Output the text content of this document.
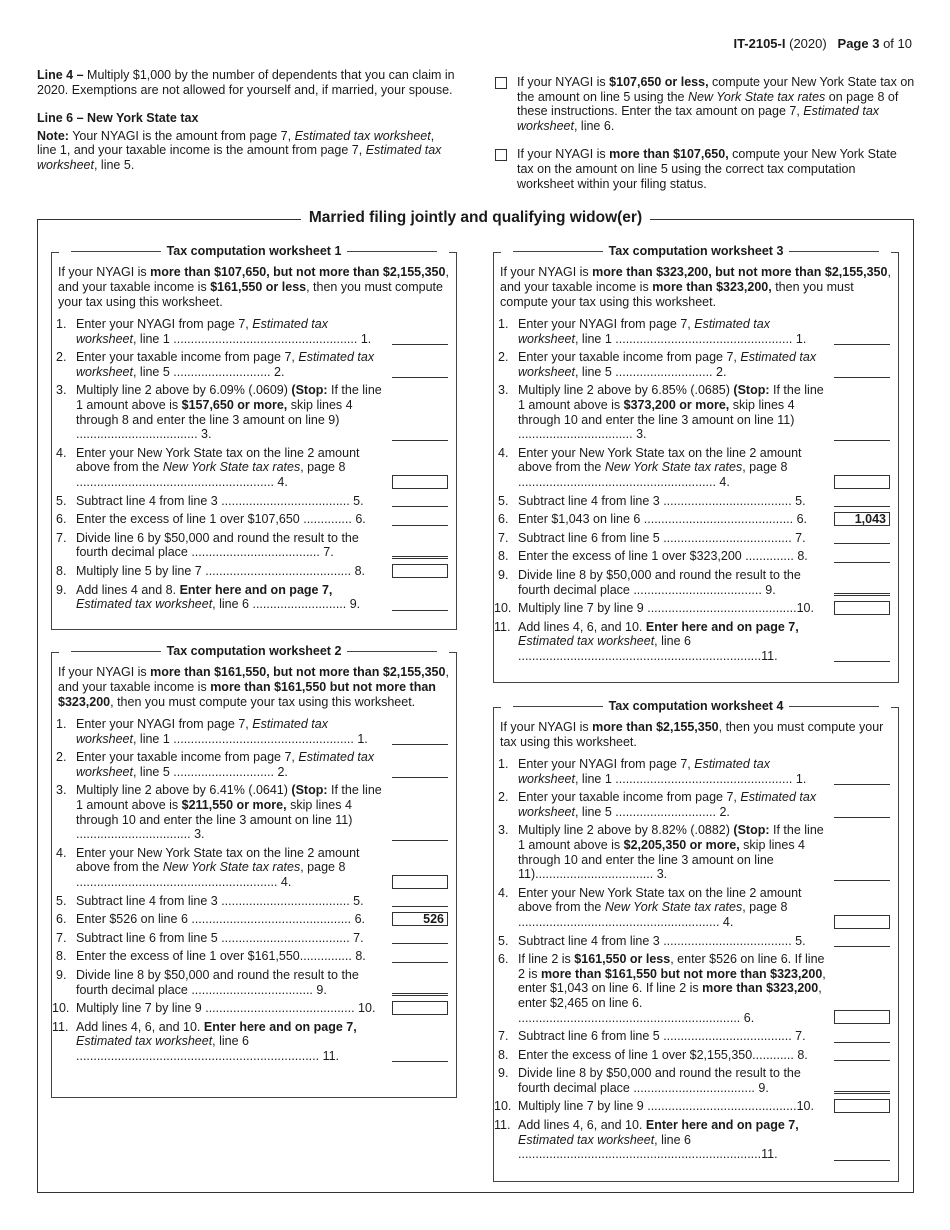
IT-2105-I (2020) Page 3 of 10

Line 4 – Multiply $1,000 by the number of dependents that you can claim in 2020. Exemptions are not allowed for yourself and, if married, your spouse.

Line 6 – New York State tax

Note: Your NYAGI is the amount from page 7, Estimated tax worksheet, line 1, and your taxable income is the amount from page 7, Estimated tax worksheet, line 5.

If your NYAGI is $107,650 or less, compute your New York State tax on the amount on line 5 using the New York State tax rates on page 8 of these instructions. Enter the tax amount on page 7, Estimated tax worksheet, line 6.
If your NYAGI is more than $107,650, compute your New York State tax on the amount on line 5 using the correct tax computation worksheet within your filing status.
Married filing jointly and qualifying widow(er)
Tax computation worksheet 1
If your NYAGI is more than $107,650, but not more than $2,155,350, and your taxable income is $161,550 or less, then you must compute your tax using this worksheet.
1. Enter your NYAGI from page 7, Estimated tax worksheet, line 1 ..................................................... 1.
2. Enter your taxable income from page 7, Estimated tax worksheet, line 5 ............................ 2.
3. Multiply line 2 above by 6.09% (.0609) (Stop: If the line 1 amount above is $157,650 or more, skip lines 4 through 8 and enter the line 3 amount on line 9) ................................... 3.
4. Enter your New York State tax on the line 2 amount above from the New York State tax rates, page 8 ......................................................... 4.
5. Subtract line 4 from line 3 ..................................... 5.
6. Enter the excess of line 1 over $107,650 .............. 6.
7. Divide line 6 by $50,000 and round the result to the fourth decimal place ..................................... 7.
8. Multiply line 5 by line 7 .......................................... 8.
9. Add lines 4 and 8. Enter here and on page 7, Estimated tax worksheet, line 6 ........................... 9.
Tax computation worksheet 2
If your NYAGI is more than $161,550, but not more than $2,155,350, and your taxable income is more than $161,550 but not more than $323,200, then you must compute your tax using this worksheet.
1. Enter your NYAGI from page 7, Estimated tax worksheet, line 1 .................................................... 1.
2. Enter your taxable income from page 7, Estimated tax worksheet, line 5 ............................. 2.
3. Multiply line 2 above by 6.41% (.0641) (Stop: If the line 1 amount above is $211,550 or more, skip lines 4 through 10 and enter the line 3 amount on line 11) ................................. 3.
4. Enter your New York State tax on the line 2 amount above from the New York State tax rates, page 8 .......................................................... 4.
5. Subtract line 4 from line 3 ..................................... 5.
6. Enter $526 on line 6 .............................................. 6.	526
7. Subtract line 6 from line 5 ..................................... 7.
8. Enter the excess of line 1 over $161,550............... 8.
9. Divide line 8 by $50,000 and round the result to the fourth decimal place ................................... 9.
10. Multiply line 7 by line 9 ........................................... 10.
11. Add lines 4, 6, and 10. Enter here and on page 7, Estimated tax worksheet, line 6 ...................................................................... 11.
Tax computation worksheet 3
If your NYAGI is more than $323,200, but not more than $2,155,350, and your taxable income is more than $323,200, then you must compute your tax using this worksheet.
1. Enter your NYAGI from page 7, Estimated tax worksheet, line 1 ................................................... 1.
2. Enter your taxable income from page 7, Estimated tax worksheet, line 5 ............................ 2.
3. Multiply line 2 above by 6.85% (.0685) (Stop: If the line 1 amount above is $373,200 or more, skip lines 4 through 10 and enter the line 3 amount on line 11) ................................. 3.
4. Enter your New York State tax on the line 2 amount above from the New York State tax rates, page 8 ......................................................... 4.
5. Subtract line 4 from line 3 ..................................... 5.
6. Enter $1,043 on line 6 ........................................... 6.	1,043
7. Subtract line 6 from line 5 ..................................... 7.
8. Enter the excess of line 1 over $323,200 .............. 8.
9. Divide line 8 by $50,000 and round the result to the fourth decimal place ..................................... 9.
10. Multiply line 7 by line 9 ...........................................10.
11. Add lines 4, 6, and 10. Enter here and on page 7, Estimated tax worksheet, line 6 ......................................................................11.
Tax computation worksheet 4
If your NYAGI is more than $2,155,350, then you must compute your tax using this worksheet.
1. Enter your NYAGI from page 7, Estimated tax worksheet, line 1 ................................................... 1.
2. Enter your taxable income from page 7, Estimated tax worksheet, line 5 ............................. 2.
3. Multiply line 2 above by 8.82% (.0882) (Stop: If the line 1 amount above is $2,205,350 or more, skip lines 4 through 10 and enter the line 3 amount on line 11).................................. 3.
4. Enter your New York State tax on the line 2 amount above from the New York State tax rates, page 8 .......................................................... 4.
5. Subtract line 4 from line 3 ..................................... 5.
6. If line 2 is $161,550 or less, enter $526 on line 6. If line 2 is more than $161,550 but not more than $323,200, enter $1,043 on line 6. If line 2 is more than $323,200, enter $2,465 on line 6. ................................................................ 6.
7. Subtract line 6 from line 5 ..................................... 7.
8. Enter the excess of line 1 over $2,155,350............ 8.
9. Divide line 8 by $50,000 and round the result to the fourth decimal place ................................... 9.
10. Multiply line 7 by line 9 ...........................................10.
11. Add lines 4, 6, and 10. Enter here and on page 7, Estimated tax worksheet, line 6 ......................................................................11.
